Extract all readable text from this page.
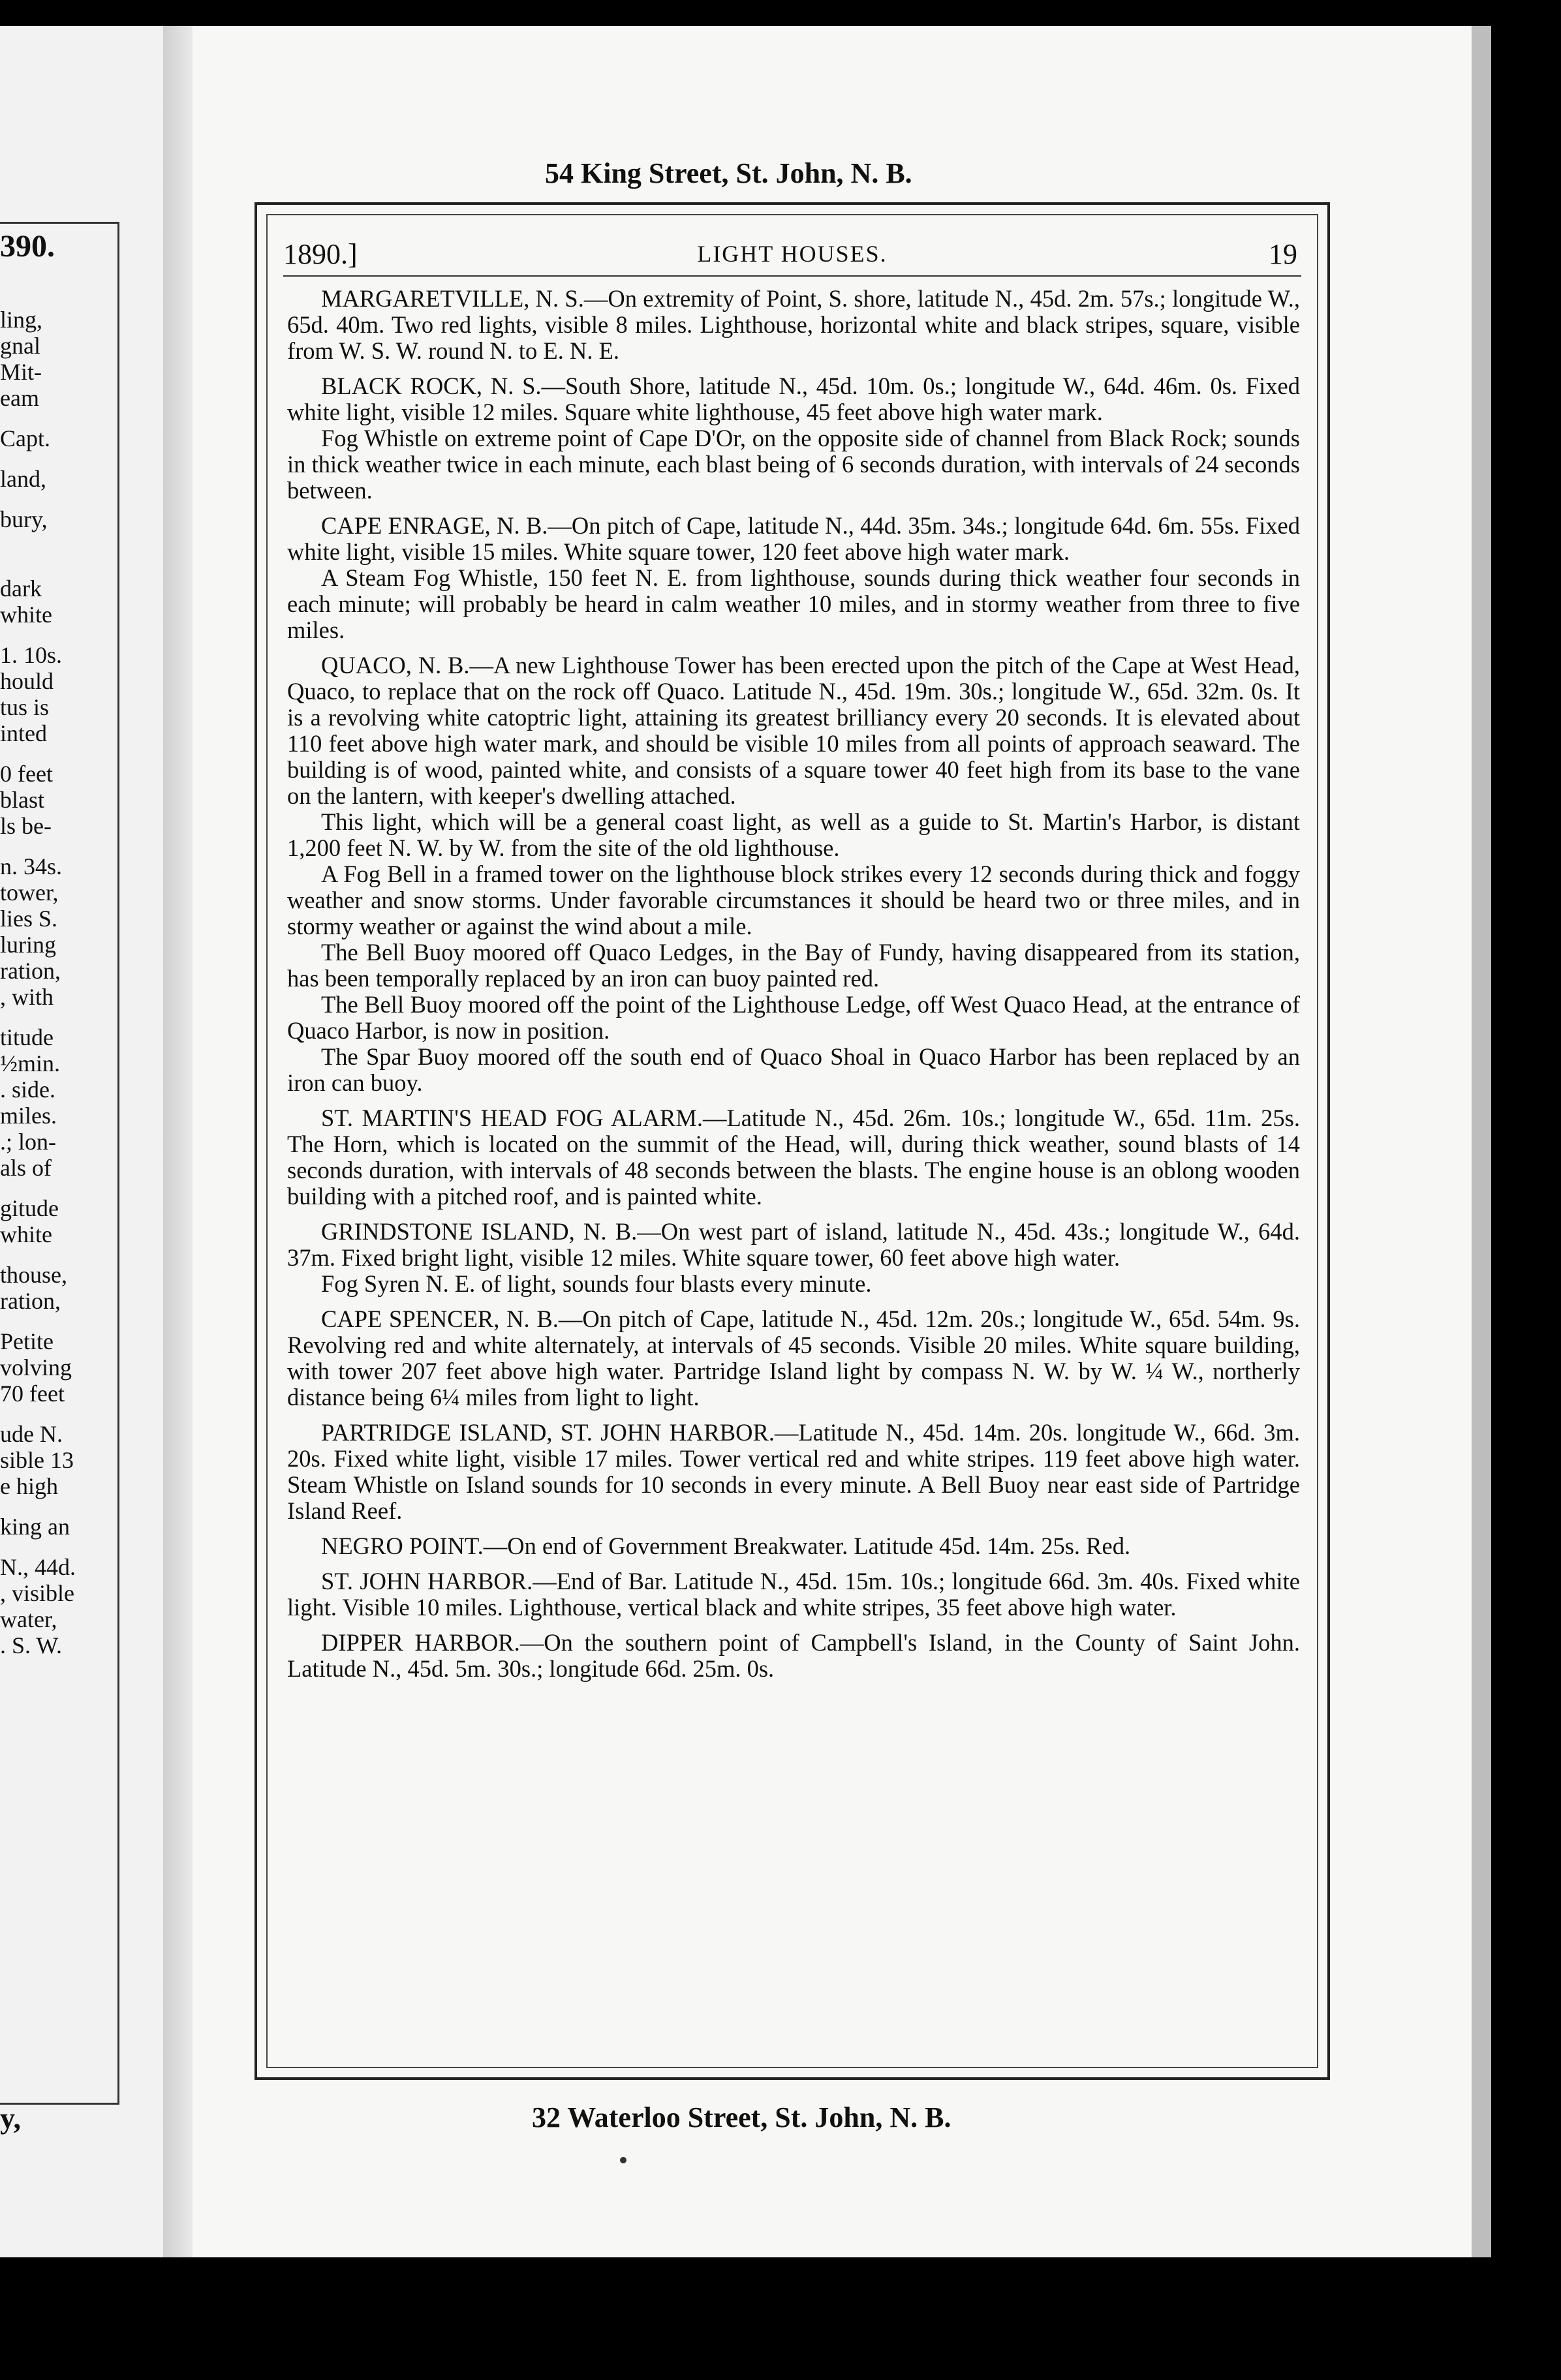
390.
ling,
gnal
Mit-
eam
Capt.
land,
bury,
dark
white
1. 10s.
hould
tus is
inted
0 feet
blast
ls be-
n. 34s.
tower,
lies S.
luring
ration,
, with
titude
½min.
. side.
miles.
.; lon-
als of
gitude
white
thouse,
ration,
Petite
volving
70 feet
ude N.
sible 13
e high
king an
N., 44d.
, visible
water,
. S. W.
y,
54 King Street, St. John, N. B.
1890.]	LIGHT HOUSES.	19

MARGARETVILLE, N. S.—On extremity of Point, S. shore, latitude N., 45d. 2m. 57s.; longitude W., 65d. 40m. Two red lights, visible 8 miles. Lighthouse, horizontal white and black stripes, square, visible from W. S. W. round N. to E. N. E.

BLACK ROCK, N. S.—South Shore, latitude N., 45d. 10m. 0s.; longitude W., 64d. 46m. 0s. Fixed white light, visible 12 miles. Square white lighthouse, 45 feet above high water mark.

Fog Whistle on extreme point of Cape D'Or, on the opposite side of channel from Black Rock; sounds in thick weather twice in each minute, each blast being of 6 seconds duration, with intervals of 24 seconds between.

CAPE ENRAGE, N. B.—On pitch of Cape, latitude N., 44d. 35m. 34s.; longitude 64d. 6m. 55s. Fixed white light, visible 15 miles. White square tower, 120 feet above high water mark.

A Steam Fog Whistle, 150 feet N. E. from lighthouse, sounds during thick weather four seconds in each minute; will probably be heard in calm weather 10 miles, and in stormy weather from three to five miles.

QUACO, N. B.—A new Lighthouse Tower has been erected upon the pitch of the Cape at West Head, Quaco, to replace that on the rock off Quaco. Latitude N., 45d. 19m. 30s.; longitude W., 65d. 32m. 0s. It is a revolving white catoptric light, attaining its greatest brilliancy every 20 seconds. It is elevated about 110 feet above high water mark, and should be visible 10 miles from all points of approach seaward. The building is of wood, painted white, and consists of a square tower 40 feet high from its base to the vane on the lantern, with keeper's dwelling attached.

This light, which will be a general coast light, as well as a guide to St. Martin's Harbor, is distant 1,200 feet N. W. by W. from the site of the old lighthouse.

A Fog Bell in a framed tower on the lighthouse block strikes every 12 seconds during thick and foggy weather and snow storms. Under favorable circumstances it should be heard two or three miles, and in stormy weather or against the wind about a mile.

The Bell Buoy moored off Quaco Ledges, in the Bay of Fundy, having disappeared from its station, has been temporally replaced by an iron can buoy painted red.

The Bell Buoy moored off the point of the Lighthouse Ledge, off West Quaco Head, at the entrance of Quaco Harbor, is now in position.

The Spar Buoy moored off the south end of Quaco Shoal in Quaco Harbor has been replaced by an iron can buoy.

ST. MARTIN'S HEAD FOG ALARM.—Latitude N., 45d. 26m. 10s.; longitude W., 65d. 11m. 25s. The Horn, which is located on the summit of the Head, will, during thick weather, sound blasts of 14 seconds duration, with intervals of 48 seconds between the blasts. The engine house is an oblong wooden building with a pitched roof, and is painted white.

GRINDSTONE ISLAND, N. B.—On west part of island, latitude N., 45d. 43s.; longitude W., 64d. 37m. Fixed bright light, visible 12 miles. White square tower, 60 feet above high water.

Fog Syren N. E. of light, sounds four blasts every minute.

CAPE SPENCER, N. B.—On pitch of Cape, latitude N., 45d. 12m. 20s.; longitude W., 65d. 54m. 9s. Revolving red and white alternately, at intervals of 45 seconds. Visible 20 miles. White square building, with tower 207 feet above high water. Partridge Island light by compass N. W. by W. ¼ W., northerly distance being 6¼ miles from light to light.

PARTRIDGE ISLAND, ST. JOHN HARBOR.—Latitude N., 45d. 14m. 20s. longitude W., 66d. 3m. 20s. Fixed white light, visible 17 miles. Tower vertical red and white stripes. 119 feet above high water. Steam Whistle on Island sounds for 10 seconds in every minute. A Bell Buoy near east side of Partridge Island Reef.

NEGRO POINT.—On end of Government Breakwater. Latitude 45d. 14m. 25s. Red.

ST. JOHN HARBOR.—End of Bar. Latitude N., 45d. 15m. 10s.; longitude 66d. 3m. 40s. Fixed white light. Visible 10 miles. Lighthouse, vertical black and white stripes, 35 feet above high water.

DIPPER HARBOR.—On the southern point of Campbell's Island, in the County of Saint John. Latitude N., 45d. 5m. 30s.; longitude 66d. 25m. 0s.

32 Waterloo Street, St. John, N. B.
